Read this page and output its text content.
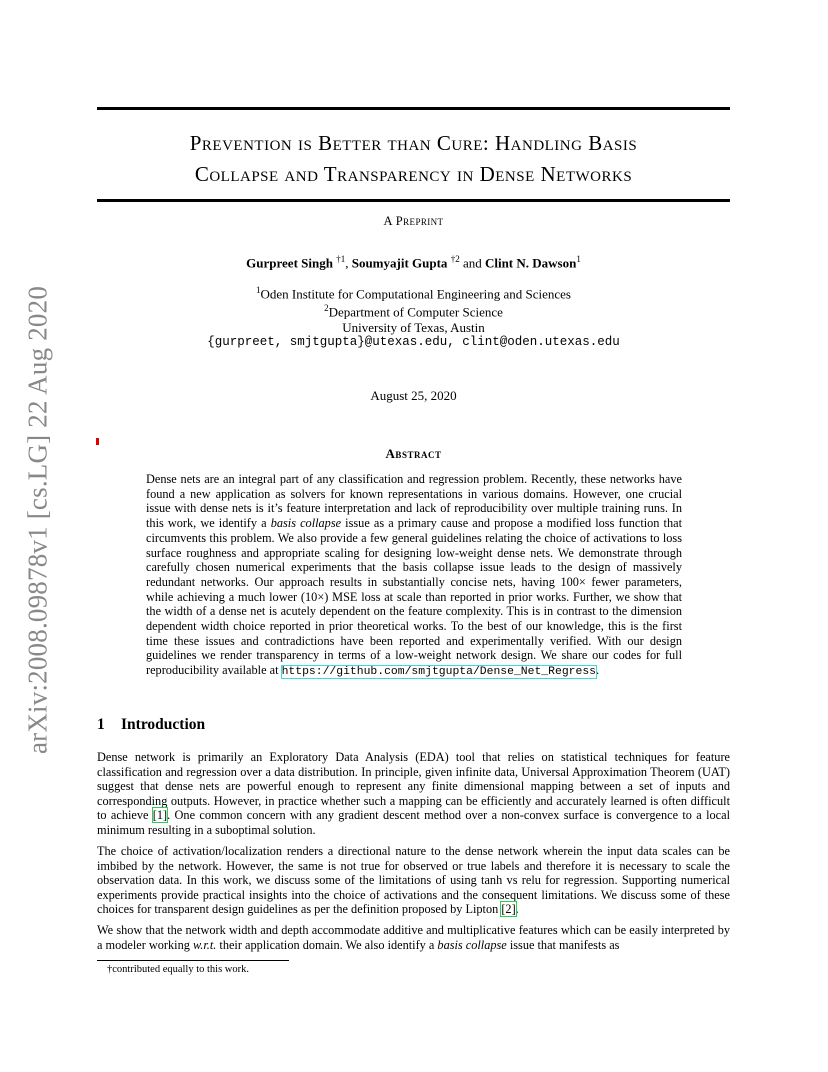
arXiv:2008.09878v1 [cs.LG] 22 Aug 2020
Prevention is Better than Cure: Handling Basis
Collapse and Transparency in Dense Networks
A Preprint
Gurpreet Singh $^{\dagger 1}$, Soumyajit Gupta $^{\dagger 2}$ and Clint N. Dawson$^1$
$^1$Oden Institute for Computational Engineering and Sciences
$^2$Department of Computer Science
University of Texas, Austin
{gurpreet, smjtgupta}@utexas.edu, clint@oden.utexas.edu
August 25, 2020
Abstract
Dense nets are an integral part of any classification and regression problem. Recently, these networks have found a new application as solvers for known representations in various domains. However, one crucial issue with dense nets is it’s feature interpretation and lack of reproducibility over multiple training runs. In this work, we identify a basis collapse issue as a primary cause and propose a modified loss function that circumvents this problem. We also provide a few general guidelines relating the choice of activations to loss surface roughness and appropriate scaling for designing low-weight dense nets. We demonstrate through carefully chosen numerical experiments that the basis collapse issue leads to the design of massively redundant networks. Our approach results in substantially concise nets, having 100× fewer parameters, while achieving a much lower (10×) MSE loss at scale than reported in prior works. Further, we show that the width of a dense net is acutely dependent on the feature complexity. This is in contrast to the dimension dependent width choice reported in prior theoretical works. To the best of our knowledge, this is the first time these issues and contradictions have been reported and experimentally verified. With our design guidelines we render transparency in terms of a low-weight network design. We share our codes for full reproducibility available at https://github.com/smjtgupta/Dense_Net_Regress.
1 Introduction
Dense network is primarily an Exploratory Data Analysis (EDA) tool that relies on statistical techniques for feature classification and regression over a data distribution. In principle, given infinite data, Universal Approximation Theorem (UAT) suggest that dense nets are powerful enough to represent any finite dimensional mapping between a set of inputs and corresponding outputs. However, in practice whether such a mapping can be efficiently and accurately learned is often difficult to achieve [1]. One common concern with any gradient descent method over a non-convex surface is convergence to a local minimum resulting in a suboptimal solution.
The choice of activation/localization renders a directional nature to the dense network wherein the input data scales can be imbibed by the network. However, the same is not true for observed or true labels and therefore it is necessary to scale the observation data. In this work, we discuss some of the limitations of using tanh vs relu for regression. Supporting numerical experiments provide practical insights into the choice of activations and the consequent limitations. We discuss some of these choices for transparent design guidelines as per the definition proposed by Lipton [2].
We show that the network width and depth accommodate additive and multiplicative features which can be easily interpreted by a modeler working w.r.t. their application domain. We also identify a basis collapse issue that manifests as
†contributed equally to this work.
